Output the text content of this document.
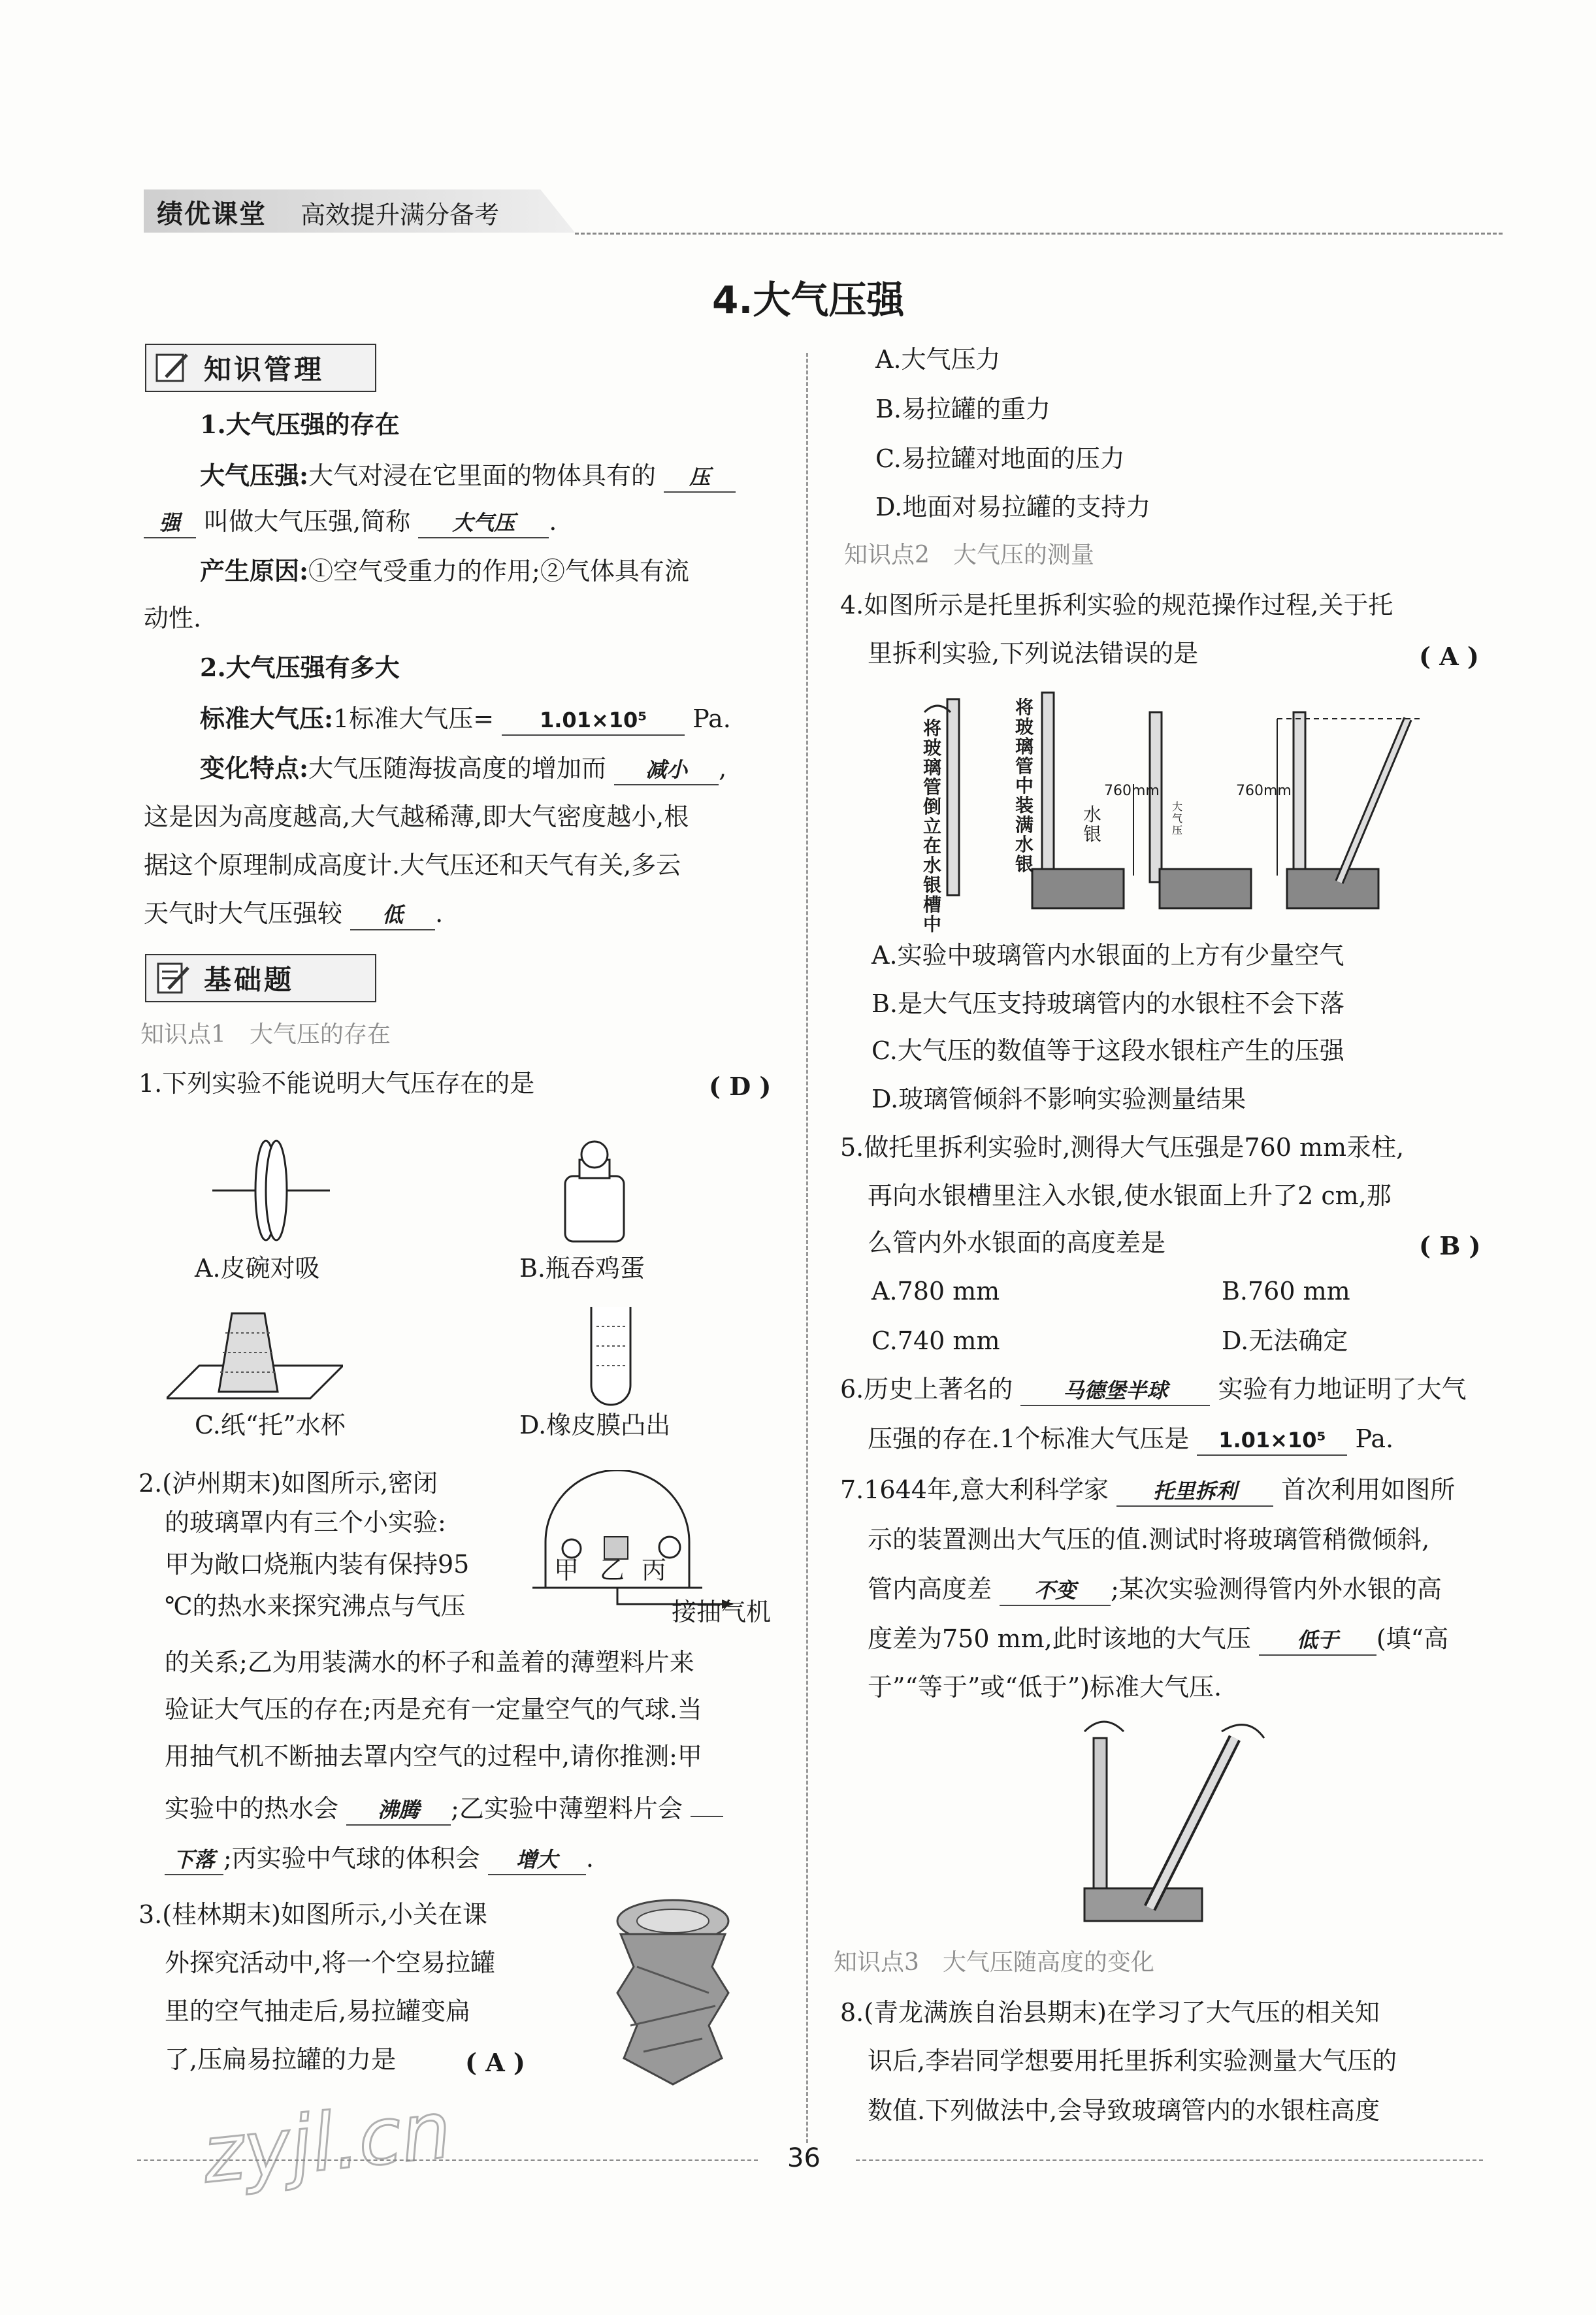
绩优课堂 高效提升满分备考
4.大气压强
知识管理
1.大气压强的存在
大气压强:大气对浸在它里面的物体具有的 压
强 叫做大气压强,简称 大气压 .
产生原因:①空气受重力的作用;②气体具有流
动性.
2.大气压强有多大
标准大气压:1标准大气压= 1.01×10⁵ Pa.
变化特点:大气压随海拔高度的增加而 减小 ,
这是因为高度越高,大气越稀薄,即大气密度越小,根
据这个原理制成高度计.大气压还和天气有关,多云
天气时大气压强较 低 .
基础题
知识点1　大气压的存在
1.下列实验不能说明大气压存在的是	( D )
A.皮碗对吸	B.瓶吞鸡蛋
C.纸“托”水杯	D.橡皮膜凸出
2.(泸州期末)如图所示,密闭
的玻璃罩内有三个小实验:
甲为敞口烧瓶内装有保持95
℃的热水来探究沸点与气压
甲 乙 丙
接抽气机
的关系;乙为用装满水的杯子和盖着的薄塑料片来
验证大气压的存在;丙是充有一定量空气的气球.当
用抽气机不断抽去罩内空气的过程中,请你推测:甲
实验中的热水会 沸腾 ;乙实验中薄塑料片会
下落 ;丙实验中气球的体积会 增大 .
3.(桂林期末)如图所示,小关在课
外探究活动中,将一个空易拉罐
里的空气抽走后,易拉罐变扁
了,压扁易拉罐的力是	( A )
A.大气压力
B.易拉罐的重力
C.易拉罐对地面的压力
D.地面对易拉罐的支持力
知识点2　大气压的测量
4.如图所示是托里拆利实验的规范操作过程,关于托
里拆利实验,下列说法错误的是	( A )
将玻璃管中装满水银
将玻璃管倒立在水银槽中
水银
760mm	760mm
大气压
A.实验中玻璃管内水银面的上方有少量空气
B.是大气压支持玻璃管内的水银柱不会下落
C.大气压的数值等于这段水银柱产生的压强
D.玻璃管倾斜不影响实验测量结果
5.做托里拆利实验时,测得大气压强是760 mm汞柱,
再向水银槽里注入水银,使水银面上升了2 cm,那
么管内外水银面的高度差是	( B )
A.780 mm	B.760 mm
C.740 mm	D.无法确定
6.历史上著名的 马德堡半球 实验有力地证明了大气
压强的存在.1个标准大气压是 1.01×10⁵ Pa.
7.1644年,意大利科学家 托里拆利 首次利用如图所
示的装置测出大气压的值.测试时将玻璃管稍微倾斜,
管内高度差 不变 ;某次实验测得管内外水银的高
度差为750 mm,此时该地的大气压 低于 (填“高
于”“等于”或“低于”)标准大气压.
知识点3　大气压随高度的变化
8.(青龙满族自治县期末)在学习了大气压的相关知
识后,李岩同学想要用托里拆利实验测量大气压的
数值.下列做法中,会导致玻璃管内的水银柱高度
zyjl.cn	36
